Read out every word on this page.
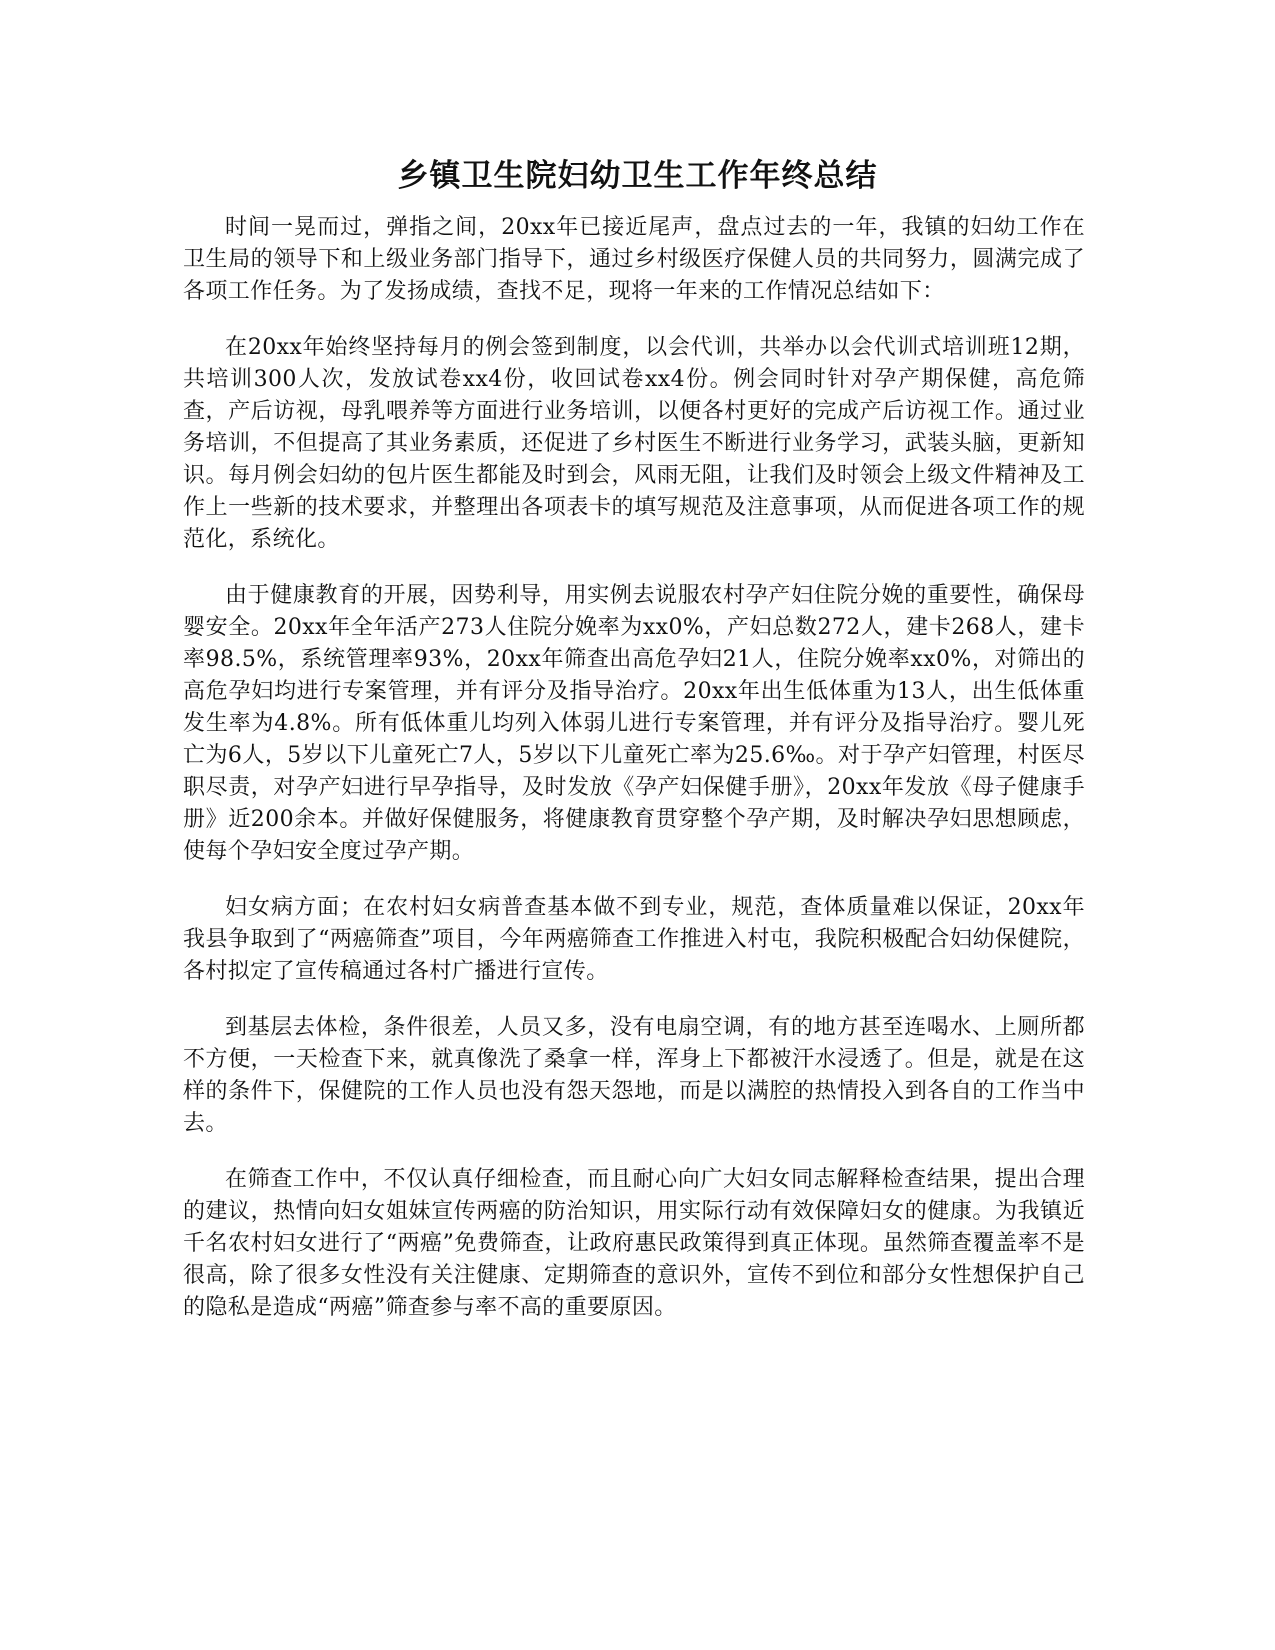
乡镇卫生院妇幼卫生工作年终总结

时间一晃而过，弹指之间，20xx年已接近尾声，盘点过去的一年，我镇的妇幼工作在卫生局的领导下和上级业务部门指导下，通过乡村级医疗保健人员的共同努力，圆满完成了各项工作任务。为了发扬成绩，查找不足，现将一年来的工作情况总结如下：

在20xx年始终坚持每月的例会签到制度，以会代训，共举办以会代训式培训班12期，共培训300人次，发放试卷xx4份，收回试卷xx4份。例会同时针对孕产期保健，高危筛查，产后访视，母乳喂养等方面进行业务培训，以便各村更好的完成产后访视工作。通过业务培训，不但提高了其业务素质，还促进了乡村医生不断进行业务学习，武装头脑，更新知识。每月例会妇幼的包片医生都能及时到会，风雨无阻，让我们及时领会上级文件精神及工作上一些新的技术要求，并整理出各项表卡的填写规范及注意事项，从而促进各项工作的规范化，系统化。

由于健康教育的开展，因势利导，用实例去说服农村孕产妇住院分娩的重要性，确保母婴安全。20xx年全年活产273人住院分娩率为xx0%，产妇总数272人，建卡268人，建卡率98.5%，系统管理率93%，20xx年筛查出高危孕妇21人，住院分娩率xx0%，对筛出的高危孕妇均进行专案管理，并有评分及指导治疗。20xx年出生低体重为13人，出生低体重发生率为4.8%。所有低体重儿均列入体弱儿进行专案管理，并有评分及指导治疗。婴儿死亡为6人，5岁以下儿童死亡7人，5岁以下儿童死亡率为25.6‰。对于孕产妇管理，村医尽职尽责，对孕产妇进行早孕指导，及时发放《孕产妇保健手册》，20xx年发放《母子健康手册》近200余本。并做好保健服务，将健康教育贯穿整个孕产期，及时解决孕妇思想顾虑，使每个孕妇安全度过孕产期。

妇女病方面；在农村妇女病普查基本做不到专业，规范，查体质量难以保证，20xx年我县争取到了“两癌筛查”项目，今年两癌筛查工作推进入村屯，我院积极配合妇幼保健院，各村拟定了宣传稿通过各村广播进行宣传。

到基层去体检，条件很差，人员又多，没有电扇空调，有的地方甚至连喝水、上厕所都不方便，一天检查下来，就真像洗了桑拿一样，浑身上下都被汗水浸透了。但是，就是在这样的条件下，保健院的工作人员也没有怨天怨地，而是以满腔的热情投入到各自的工作当中去。

在筛查工作中，不仅认真仔细检查，而且耐心向广大妇女同志解释检查结果，提出合理的建议，热情向妇女姐妹宣传两癌的防治知识，用实际行动有效保障妇女的健康。为我镇近千名农村妇女进行了“两癌”免费筛查，让政府惠民政策得到真正体现。虽然筛查覆盖率不是很高，除了很多女性没有关注健康、定期筛查的意识外，宣传不到位和部分女性想保护自己的隐私是造成“两癌”筛查参与率不高的重要原因。
